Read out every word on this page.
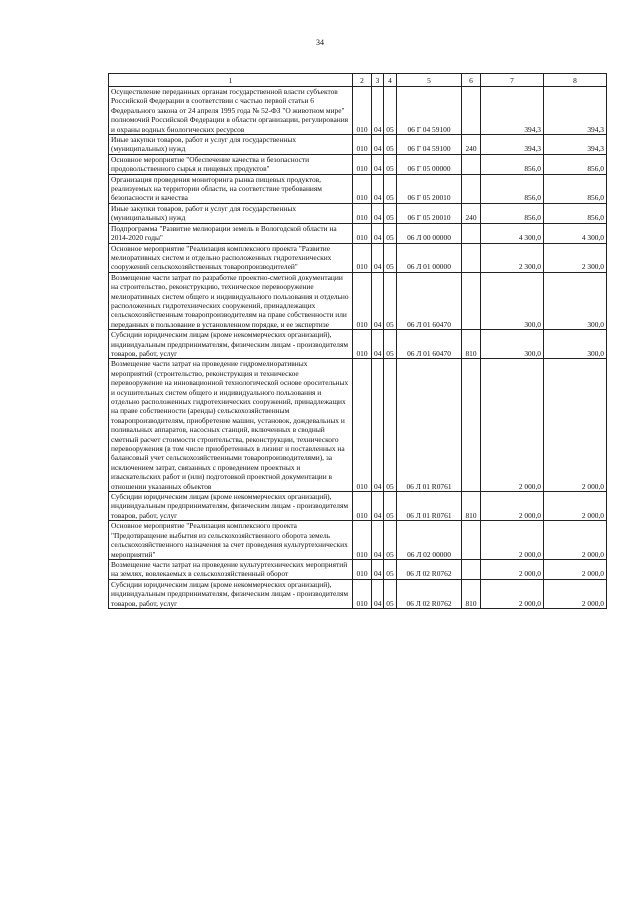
34
1	2	3	4	5	6	7	8
Осуществление переданных органам государственной власти субъектов Российской Федерации в соответствии с частью первой статьи 6 Федерального закона от 24 апреля 1995 года № 52-ФЗ "О животном мире" полномочий Российской Федерации в области организации, регулирования и охраны водных биологических ресурсов	010	04	05	06 Г 04 59100		394,3	394,3
Иные закупки товаров, работ и услуг для государственных (муниципальных) нужд	010	04	05	06 Г 04 59100	240	394,3	394,3
Основное мероприятие "Обеспечение качества и безопасности продовольственного сырья и пищевых продуктов"	010	04	05	06 Г 05 00000		856,0	856,0
Организация проведения мониторинга рынка пищевых продуктов, реализуемых на территории области, на соответствие требованиям безопасности и качества	010	04	05	06 Г 05 20010		856,0	856,0
Иные закупки товаров, работ и услуг для государственных (муниципальных) нужд	010	04	05	06 Г 05 20010	240	856,0	856,0
Подпрограмма "Развитие мелиорации земель в Вологодской области на 2014-2020 годы"	010	04	05	06 Л 00 00000		4 300,0	4 300,0
Основное мероприятие "Реализация комплексного проекта "Развитие мелиоративных систем и отдельно расположенных гидротехнических сооружений сельскохозяйственных товаропроизводителей"	010	04	05	06 Л 01 00000		2 300,0	2 300,0
Возмещение части затрат по разработке проектно-сметной документации на строительство, реконструкцию, техническое перевооружение мелиоративных систем общего и индивидуального пользования и отдельно расположенных гидротехнических сооружений, принадлежащих сельскохозяйственным товаропроизводителям на праве собственности или переданных в пользование в установленном порядке, и ее экспертизе	010	04	05	06 Л 01 60470		300,0	300,0
Субсидии юридическим лицам (кроме некоммерческих организаций), индивидуальным предпринимателям, физическим лицам - производителям товаров, работ, услуг	010	04	05	06 Л 01 60470	810	300,0	300,0
Возмещение части затрат на проведение гидромелиоративных мероприятий (строительство, реконструкция и техническое перевооружение на инновационной технологической основе оросительных и осушительных систем общего и индивидуального пользования и отдельно расположенных гидротехнических сооружений, принадлежащих на праве собственности (аренды) сельскохозяйственным товаропроизводителям, приобретение машин, установок, дождевальных и поливальных аппаратов, насосных станций, включенных в сводный сметный расчет стоимости строительства, реконструкции, технического перевооружения (в том числе приобретенных в лизинг и поставленных на балансовый учет сельскохозяйственными товаропроизводителями), за исключением затрат, связанных с проведением проектных и изыскательских работ и (или) подготовкой проектной документации в отношении указанных объектов	010	04	05	06 Л 01 R0761		2 000,0	2 000,0
Субсидии юридическим лицам (кроме некоммерческих организаций), индивидуальным предпринимателям, физическим лицам - производителям товаров, работ, услуг	010	04	05	06 Л 01 R0761	810	2 000,0	2 000,0
Основное мероприятие "Реализация комплексного проекта "Предотвращение выбытия из сельскохозяйственного оборота земель сельскохозяйственного назначения за счет проведения культуртехнических мероприятий"	010	04	05	06 Л 02 00000		2 000,0	2 000,0
Возмещение части затрат на проведение культуртехнических мероприятий на землях, вовлекаемых в сельскохозяйственный оборот	010	04	05	06 Л 02 R0762		2 000,0	2 000,0
Субсидии юридическим лицам (кроме некоммерческих организаций), индивидуальным предпринимателям, физическим лицам - производителям товаров, работ, услуг	010	04	05	06 Л 02 R0762	810	2 000,0	2 000,0
